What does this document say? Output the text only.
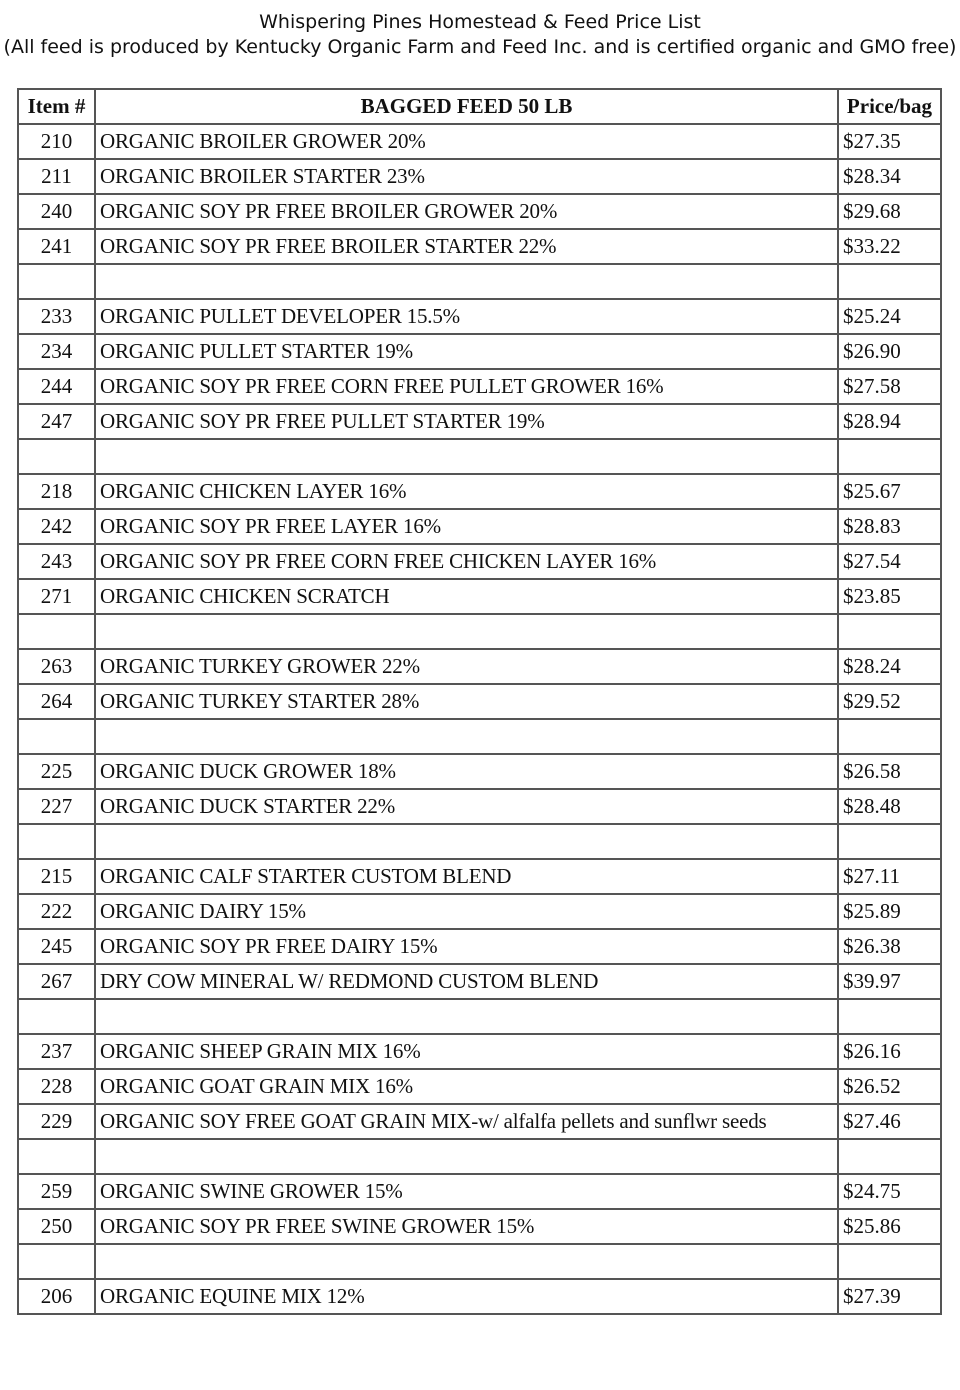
Whispering Pines Homestead & Feed Price List
(All feed is produced by Kentucky Organic Farm and Feed Inc. and is certified organic and GMO free)
Item #	BAGGED FEED 50 LB	Price/bag
210	ORGANIC BROILER GROWER 20%	$27.35
211	ORGANIC BROILER STARTER 23%	$28.34
240	ORGANIC SOY PR FREE BROILER GROWER 20%	$29.68
241	ORGANIC SOY PR FREE BROILER STARTER 22%	$33.22

233	ORGANIC PULLET DEVELOPER 15.5%	$25.24
234	ORGANIC PULLET STARTER 19%	$26.90
244	ORGANIC SOY PR FREE CORN FREE PULLET GROWER 16%	$27.58
247	ORGANIC SOY PR FREE PULLET STARTER 19%	$28.94

218	ORGANIC CHICKEN LAYER 16%	$25.67
242	ORGANIC SOY PR FREE LAYER 16%	$28.83
243	ORGANIC SOY PR FREE CORN FREE CHICKEN LAYER 16%	$27.54
271	ORGANIC CHICKEN SCRATCH	$23.85

263	ORGANIC TURKEY GROWER 22%	$28.24
264	ORGANIC TURKEY STARTER 28%	$29.52

225	ORGANIC DUCK GROWER 18%	$26.58
227	ORGANIC DUCK STARTER 22%	$28.48

215	ORGANIC CALF STARTER CUSTOM BLEND	$27.11
222	ORGANIC DAIRY 15%	$25.89
245	ORGANIC SOY PR FREE DAIRY 15%	$26.38
267	DRY COW MINERAL W/ REDMOND CUSTOM BLEND	$39.97

237	ORGANIC SHEEP GRAIN MIX 16%	$26.16
228	ORGANIC GOAT GRAIN MIX 16%	$26.52
229	ORGANIC SOY FREE GOAT GRAIN MIX-w/ alfalfa pellets and sunflwr seeds	$27.46

259	ORGANIC SWINE GROWER 15%	$24.75
250	ORGANIC SOY PR FREE SWINE GROWER 15%	$25.86

206	ORGANIC EQUINE MIX 12%	$27.39
